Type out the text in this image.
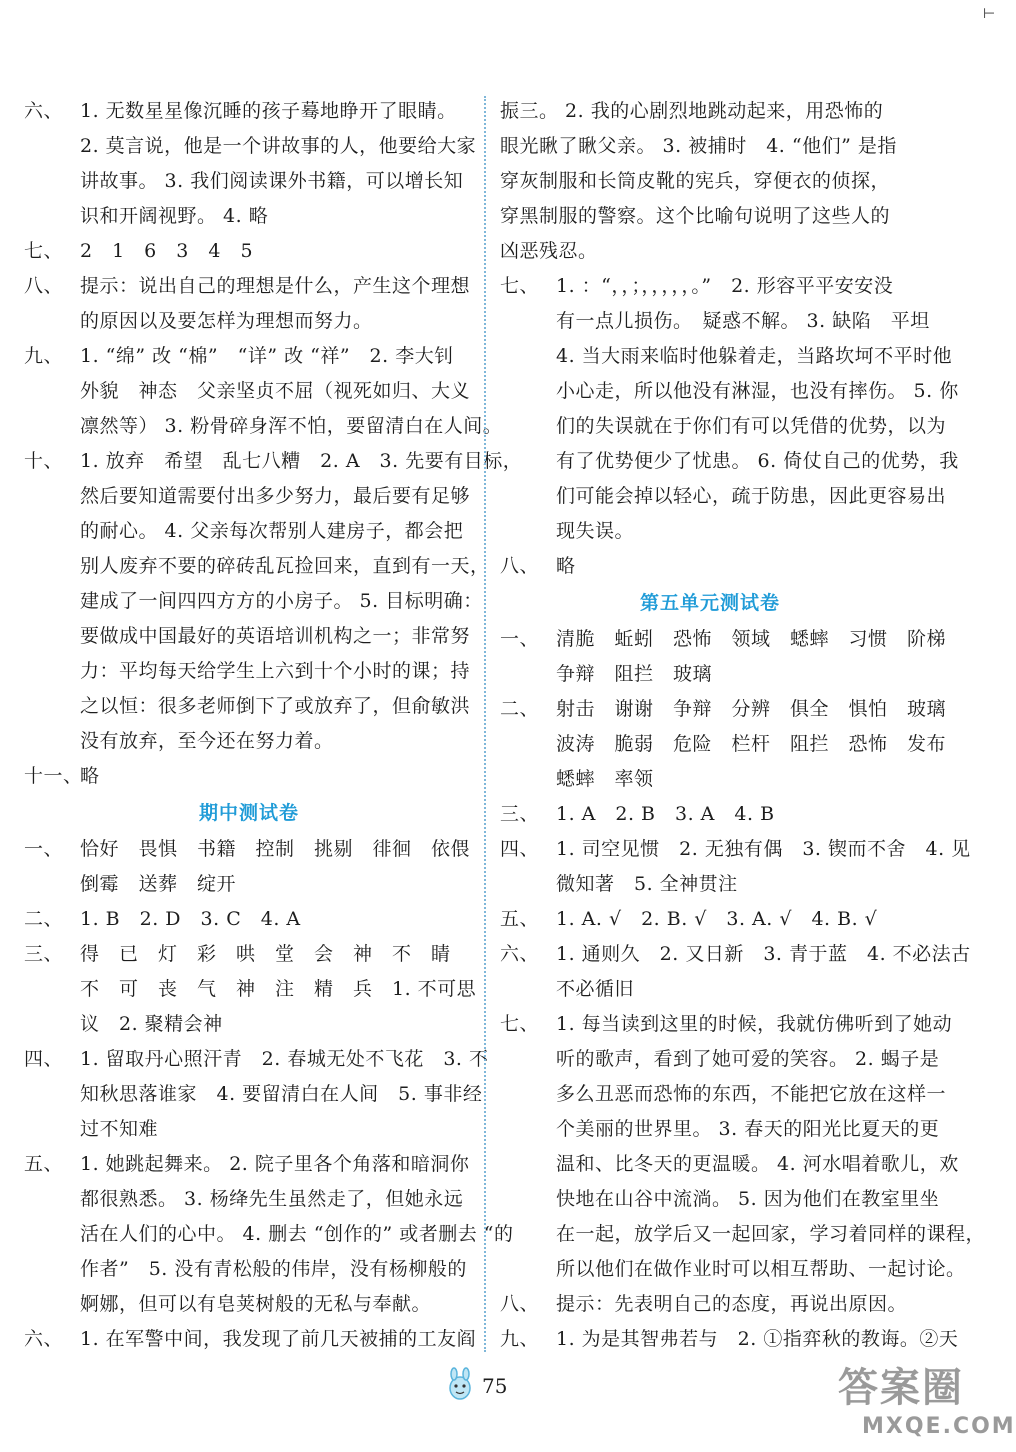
⊢
六、 1. 无数星星像沉睡的孩子蓦地睁开了眼睛。
2. 莫言说，他是一个讲故事的人，他要给大家
讲故事。 3. 我们阅读课外书籍，可以增长知
识和开阔视野。 4. 略
七、 2　1　6　3　4　5
八、 提示：说出自己的理想是什么，产生这个理想
的原因以及要怎样为理想而努力。
九、 1. “绵” 改 “棉”　“详” 改 “祥”　2. 李大钊
外貌　神态　父亲坚贞不屈（视死如归、大义
凛然等） 3. 粉骨碎身浑不怕，要留清白在人间。
十、 1. 放弃　希望　乱七八糟　2. A　3. 先要有目标，
然后要知道需要付出多少努力，最后要有足够
的耐心。 4. 父亲每次帮别人建房子，都会把
别人废弃不要的碎砖乱瓦捡回来，直到有一天，
建成了一间四四方方的小房子。 5. 目标明确：
要做成中国最好的英语培训机构之一；非常努
力：平均每天给学生上六到十个小时的课；持
之以恒：很多老师倒下了或放弃了，但俞敏洪
没有放弃，至今还在努力着。
十一、
略
期中测试卷
一、 恰好　畏惧　书籍　控制　挑剔　徘徊　依偎
倒霉　送葬　绽开
二、 1. B　2. D　3. C　4. A
三、 得　已　灯　彩　哄　堂　会　神　不　睛
不　可　丧　气　神　注　精　兵　1. 不可思
议　2. 聚精会神
四、 1. 留取丹心照汗青　2. 春城无处不飞花　3. 不
知秋思落谁家　4. 要留清白在人间　5. 事非经
过不知难
五、 1. 她跳起舞来。 2. 院子里各个角落和暗洞你
都很熟悉。 3. 杨绛先生虽然走了，但她永远
活在人们的心中。 4. 删去 “创作的” 或者删去 “的
作者”　5. 没有青松般的伟岸，没有杨柳般的
婀娜，但可以有皂荚树般的无私与奉献。
六、 1. 在军警中间，我发现了前几天被捕的工友阎
振三。 2. 我的心剧烈地跳动起来，用恐怖的
眼光瞅了瞅父亲。 3. 被捕时　4. “他们” 是指
穿灰制服和长筒皮靴的宪兵，穿便衣的侦探，
穿黑制服的警察。这个比喻句说明了这些人的
凶恶残忍。
七、 1. ：“，，；，，，，，。”　2. 形容平平安安没
有一点儿损伤。　疑惑不解。 3. 缺陷　平坦
4. 当大雨来临时他躲着走，当路坎坷不平时他
小心走，所以他没有淋湿，也没有摔伤。 5. 你
们的失误就在于你们有可以凭借的优势，以为
有了优势便少了忧患。 6. 倚仗自己的优势，我
们可能会掉以轻心，疏于防患，因此更容易出
现失误。
八、 略
第五单元测试卷
一、 清脆　蚯蚓　恐怖　领域　蟋蟀　习惯　阶梯
争辩　阻拦　玻璃
二、 射击　谢谢　争辩　分辨　俱全　惧怕　玻璃
波涛　脆弱　危险　栏杆　阻拦　恐怖　发布
蟋蟀　率领
三、 1. A　2. B　3. A　4. B
四、 1. 司空见惯　2. 无独有偶　3. 锲而不舍　4. 见
微知著　5. 全神贯注
五、 1. A. √　2. B. √　3. A. √　4. B. √
六、 1. 通则久　2. 又日新　3. 青于蓝　4. 不必法古
不必循旧
七、 1. 每当读到这里的时候，我就仿佛听到了她动
听的歌声，看到了她可爱的笑容。 2. 蝎子是
多么丑恶而恐怖的东西，不能把它放在这样一
个美丽的世界里。 3. 春天的阳光比夏天的更
温和、比冬天的更温暖。 4. 河水唱着歌儿，欢
快地在山谷中流淌。 5. 因为他们在教室里坐
在一起，放学后又一起回家，学习着同样的课程，
所以他们在做作业时可以相互帮助、一起讨论。
八、 提示：先表明自己的态度，再说出原因。
九、 1. 为是其智弗若与　2. ①指弈秋的教诲。②天
75	答案圈
MXQE.COM
